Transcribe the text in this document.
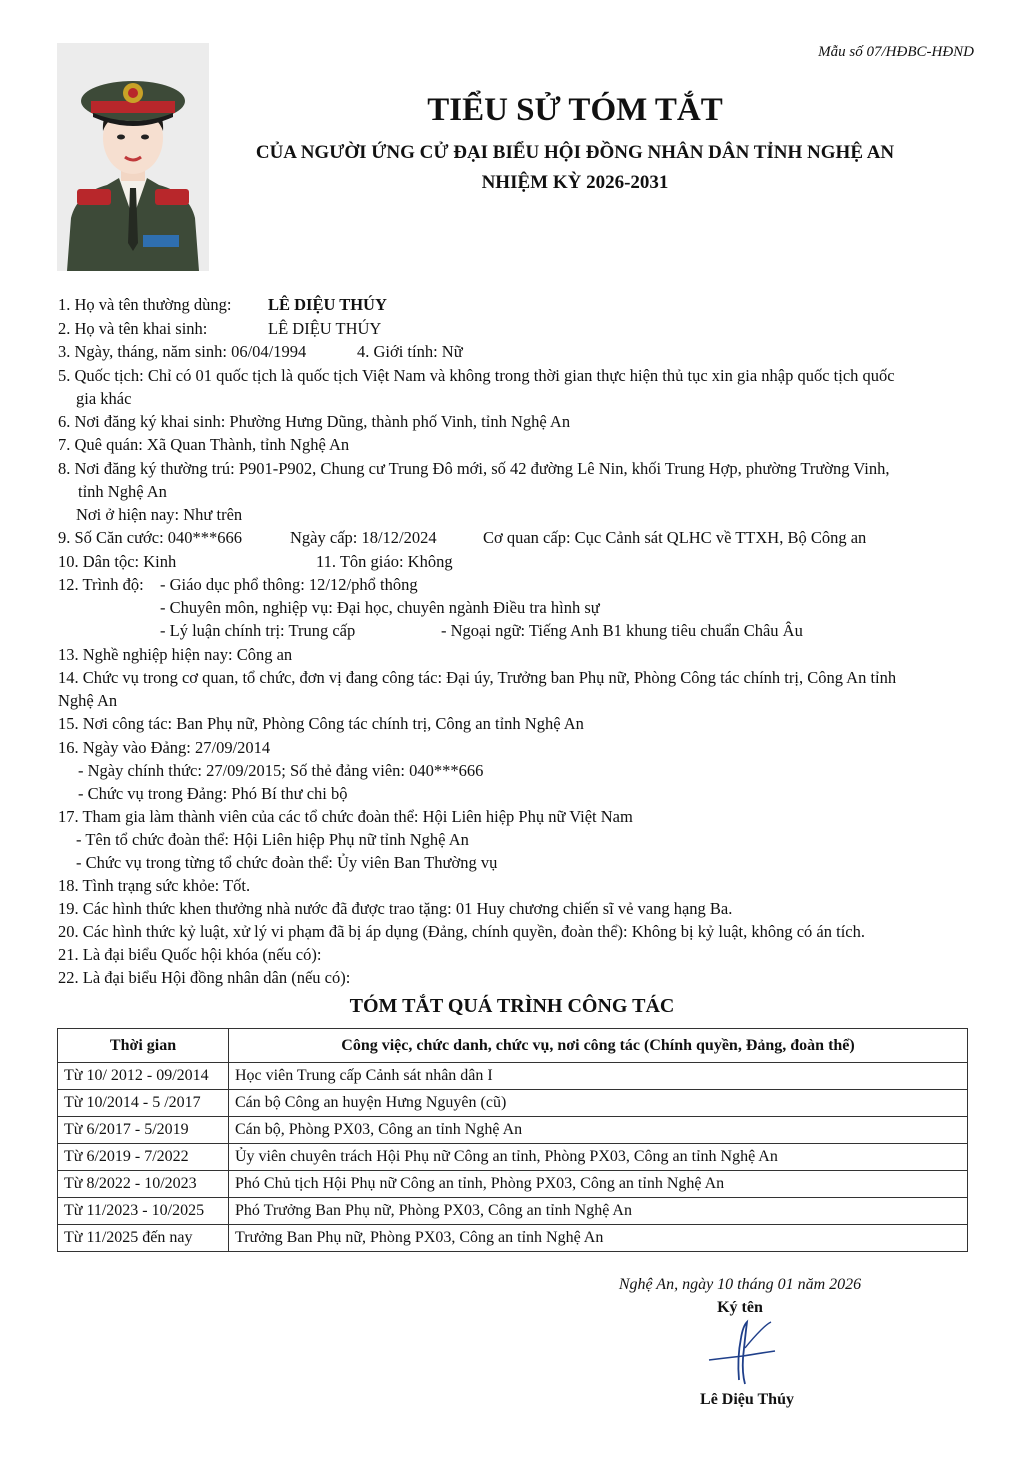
Mẫu số 07/HĐBC-HĐND
TIỂU SỬ TÓM TẮT
CỦA NGƯỜI ỨNG CỬ ĐẠI BIỂU HỘI ĐỒNG NHÂN DÂN TỈNH NGHỆ AN
NHIỆM KỲ 2026-2031
1. Họ và tên thường dùng: LÊ DIỆU THÚY
2. Họ và tên khai sinh:	LÊ DIỆU THÚY
3. Ngày, tháng, năm sinh: 06/04/1994	4. Giới tính: Nữ
5. Quốc tịch: Chỉ có 01 quốc tịch là quốc tịch Việt Nam và không trong thời gian thực hiện thủ tục xin gia nhập quốc tịch quốc
gia khác
6. Nơi đăng ký khai sinh: Phường Hưng Dũng, thành phố Vinh, tỉnh Nghệ An
7. Quê quán: Xã Quan Thành, tỉnh Nghệ An
8. Nơi đăng ký thường trú: P901-P902, Chung cư Trung Đô mới, số 42 đường Lê Nin, khối Trung Hợp, phường Trường Vinh,
tỉnh Nghệ An
Nơi ở hiện nay: Như trên
9. Số Căn cước: 040***666	Ngày cấp: 18/12/2024	Cơ quan cấp: Cục Cảnh sát QLHC về TTXH, Bộ Công an
10. Dân tộc: Kinh	11. Tôn giáo: Không
12. Trình độ: - Giáo dục phổ thông: 12/12/phổ thông
- Chuyên môn, nghiệp vụ: Đại học, chuyên ngành Điều tra hình sự
- Lý luận chính trị: Trung cấp	- Ngoại ngữ: Tiếng Anh B1 khung tiêu chuẩn Châu Âu
13. Nghề nghiệp hiện nay: Công an
14. Chức vụ trong cơ quan, tổ chức, đơn vị đang công tác: Đại úy, Trưởng ban Phụ nữ, Phòng Công tác chính trị, Công An tỉnh
Nghệ An
15. Nơi công tác: Ban Phụ nữ, Phòng Công tác chính trị, Công an tỉnh Nghệ An
16. Ngày vào Đảng: 27/09/2014
- Ngày chính thức: 27/09/2015; Số thẻ đảng viên: 040***666
- Chức vụ trong Đảng: Phó Bí thư chi bộ
17. Tham gia làm thành viên của các tổ chức đoàn thể: Hội Liên hiệp Phụ nữ Việt Nam
- Tên tổ chức đoàn thể: Hội Liên hiệp Phụ nữ tỉnh Nghệ An
- Chức vụ trong từng tổ chức đoàn thể: Ủy viên Ban Thường vụ
18. Tình trạng sức khỏe: Tốt.
19. Các hình thức khen thưởng nhà nước đã được trao tặng: 01 Huy chương chiến sĩ vẻ vang hạng Ba.
20. Các hình thức kỷ luật, xử lý vi phạm đã bị áp dụng (Đảng, chính quyền, đoàn thể): Không bị kỷ luật, không có án tích.
21. Là đại biểu Quốc hội khóa (nếu có):
22. Là đại biểu Hội đồng nhân dân (nếu có):
TÓM TẮT QUÁ TRÌNH CÔNG TÁC
Thời gian	Công việc, chức danh, chức vụ, nơi công tác (Chính quyền, Đảng, đoàn thể)
Từ 10/ 2012 - 09/2014	Học viên Trung cấp Cảnh sát nhân dân I
Từ 10/2014 - 5 /2017	Cán bộ Công an huyện Hưng Nguyên (cũ)
Từ 6/2017 - 5/2019	Cán bộ, Phòng PX03, Công an tỉnh Nghệ An
Từ 6/2019 - 7/2022	Ủy viên chuyên trách Hội Phụ nữ Công an tỉnh, Phòng PX03, Công an tỉnh Nghệ An
Từ 8/2022 - 10/2023	Phó Chủ tịch Hội Phụ nữ Công an tỉnh, Phòng PX03, Công an tỉnh Nghệ An
Từ 11/2023 - 10/2025	Phó Trưởng Ban Phụ nữ, Phòng PX03, Công an tỉnh Nghệ An
Từ 11/2025 đến nay	Trưởng Ban Phụ nữ, Phòng PX03, Công an tỉnh Nghệ An
Nghệ An, ngày 10 tháng 01 năm 2026
Ký tên
Lê Diệu Thúy
